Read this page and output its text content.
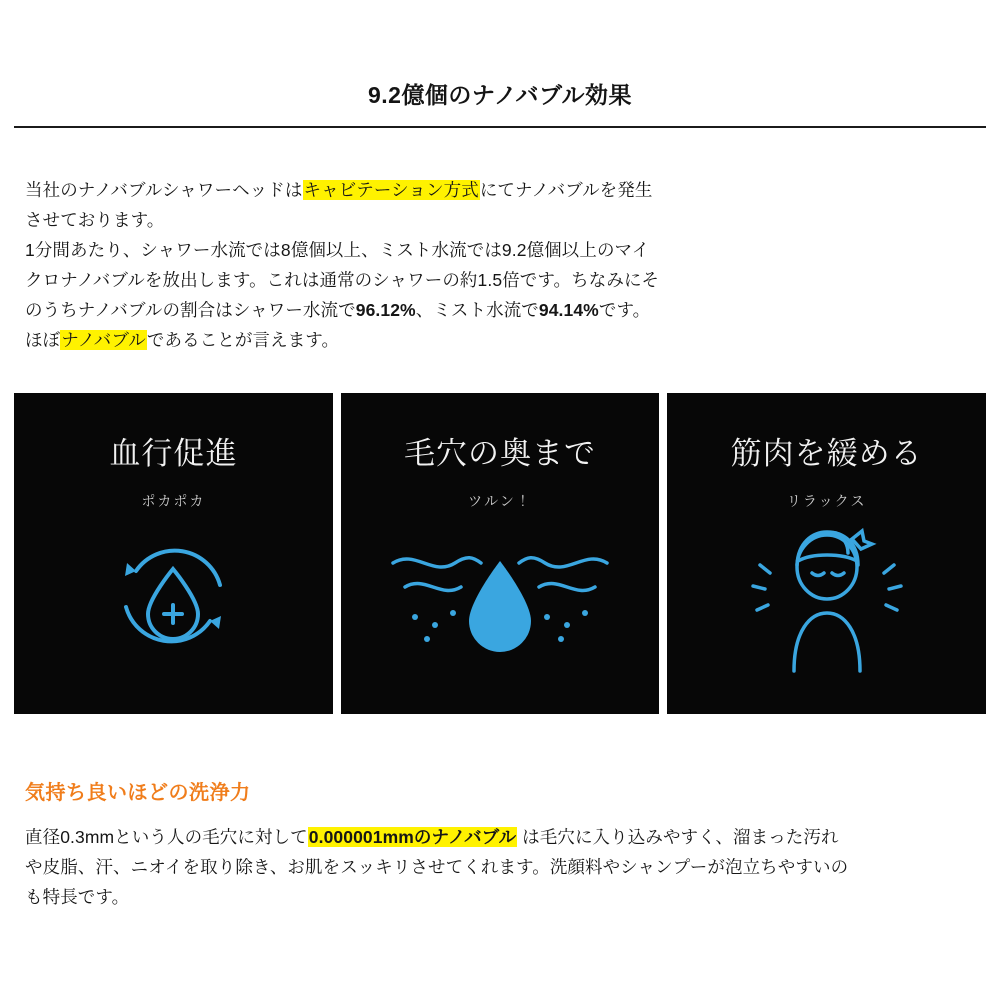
9.2億個のナノバブル効果

当社のナノバブルシャワーヘッドはキャビテーション方式にてナノバブルを発生

させております。

1分間あたり、シャワー水流では8億個以上、ミスト水流では9.2億個以上のマイ

クロナノバブルを放出します。これは通常のシャワーの約1.5倍です。ちなみにそ

のうちナノバブルの割合はシャワー水流で96.12%、ミスト水流で94.14%です。

ほぼナノバブルであることが言えます。

血行促進
ポカポカ
毛穴の奥まで
ツルン！
筋肉を緩める
リラックス
気持ち良いほどの洗浄力

直径0.3mmという人の毛穴に対して0.000001mmのナノバブル は毛穴に入り込みやすく、溜まった汚れ

や皮脂、汗、ニオイを取り除き、お肌をスッキリさせてくれます。洗顔料やシャンプーが泡立ちやすいの

も特長です。
